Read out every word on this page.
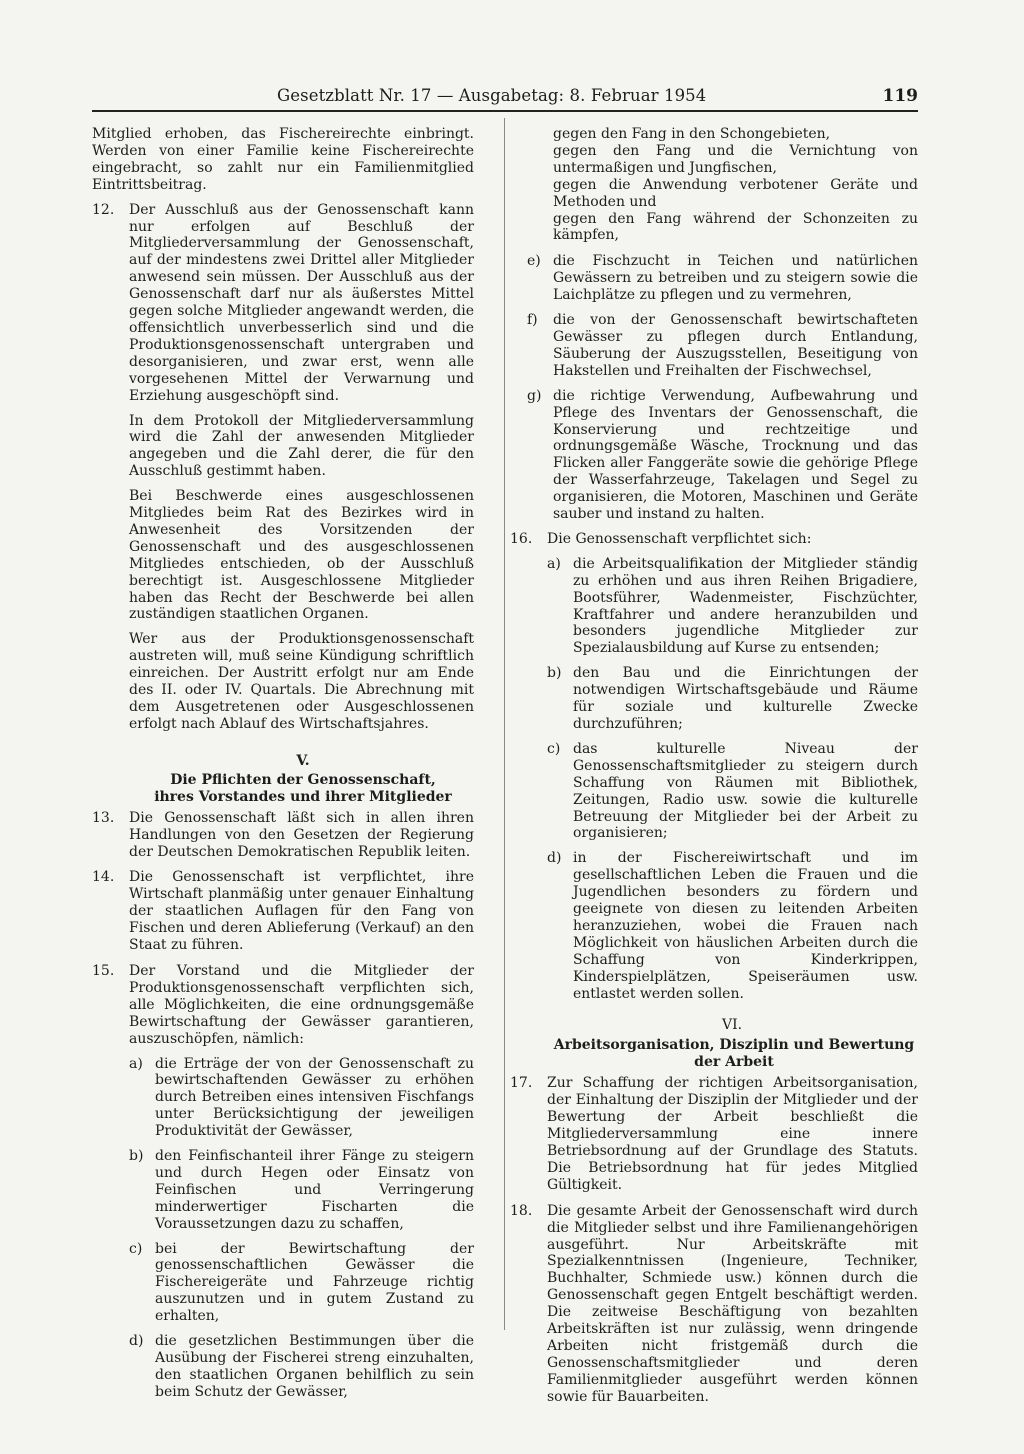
Gesetzblatt Nr. 17 — Ausgabetag: 8. Februar 1954	119

Mitglied erhoben, das Fischereirechte einbringt. Werden von einer Familie keine Fischereirechte eingebracht, so zahlt nur ein Familienmitglied Eintrittsbeitrag.

12. Der Ausschluß aus der Genossenschaft kann nur erfolgen auf Beschluß der Mitgliederversammlung der Genossenschaft, auf der mindestens zwei Drittel aller Mitglieder anwesend sein müssen. Der Ausschluß aus der Genossenschaft darf nur als äußerstes Mittel gegen solche Mitglieder angewandt werden, die offensichtlich unverbesserlich sind und die Produktionsgenossenschaft untergraben und desorganisieren, und zwar erst, wenn alle vorgesehenen Mittel der Verwarnung und Erziehung ausgeschöpft sind.

In dem Protokoll der Mitgliederversammlung wird die Zahl der anwesenden Mitglieder angegeben und die Zahl derer, die für den Ausschluß gestimmt haben.

Bei Beschwerde eines ausgeschlossenen Mitgliedes beim Rat des Bezirkes wird in Anwesenheit des Vorsitzenden der Genossenschaft und des ausgeschlossenen Mitgliedes entschieden, ob der Ausschluß berechtigt ist. Ausgeschlossene Mitglieder haben das Recht der Beschwerde bei allen zuständigen staatlichen Organen.

Wer aus der Produktionsgenossenschaft austreten will, muß seine Kündigung schriftlich einreichen. Der Austritt erfolgt nur am Ende des II. oder IV. Quartals. Die Abrechnung mit dem Ausgetretenen oder Ausgeschlossenen erfolgt nach Ablauf des Wirtschaftsjahres.

V.
Die Pflichten der Genossenschaft,
ihres Vorstandes und ihrer Mitglieder
13. Die Genossenschaft läßt sich in allen ihren Handlungen von den Gesetzen der Regierung der Deutschen Demokratischen Republik leiten.

14. Die Genossenschaft ist verpflichtet, ihre Wirtschaft planmäßig unter genauer Einhaltung der staatlichen Auflagen für den Fang von Fischen und deren Ablieferung (Verkauf) an den Staat zu führen.

15. Der Vorstand und die Mitglieder der Produktionsgenossenschaft verpflichten sich, alle Möglichkeiten, die eine ordnungsgemäße Bewirtschaftung der Gewässer garantieren, auszuschöpfen, nämlich:

a) die Erträge der von der Genossenschaft zu bewirtschaftenden Gewässer zu erhöhen durch Betreiben eines intensiven Fischfangs unter Berücksichtigung der jeweiligen Produktivität der Gewässer,
b) den Feinfischanteil ihrer Fänge zu steigern und durch Hegen oder Einsatz von Feinfischen und Verringerung minderwertiger Fischarten die Voraussetzungen dazu zu schaffen,
c) bei der Bewirtschaftung der genossenschaftlichen Gewässer die Fischereigeräte und Fahrzeuge richtig auszunutzen und in gutem Zustand zu erhalten,
d) die gesetzlichen Bestimmungen über die Ausübung der Fischerei streng einzuhalten, den staatlichen Organen behilflich zu sein beim Schutz der Gewässer,

gegen den Fang in den Schongebieten,

gegen den Fang und die Vernichtung von untermaßigen und Jungfischen,

gegen die Anwendung verbotener Geräte und Methoden und

gegen den Fang während der Schonzeiten zu kämpfen,

e) die Fischzucht in Teichen und natürlichen Gewässern zu betreiben und zu steigern sowie die Laichplätze zu pflegen und zu vermehren,
f) die von der Genossenschaft bewirtschafteten Gewässer zu pflegen durch Entlandung, Säuberung der Auszugsstellen, Beseitigung von Hakstellen und Freihalten der Fischwechsel,
g) die richtige Verwendung, Aufbewahrung und Pflege des Inventars der Genossenschaft, die Konservierung und rechtzeitige und ordnungsgemäße Wäsche, Trocknung und das Flicken aller Fanggeräte sowie die gehörige Pflege der Wasserfahrzeuge, Takelagen und Segel zu organisieren, die Motoren, Maschinen und Geräte sauber und instand zu halten.
16. Die Genossenschaft verpflichtet sich:

a) die Arbeitsqualifikation der Mitglieder ständig zu erhöhen und aus ihren Reihen Brigadiere, Bootsführer, Wadenmeister, Fischzüchter, Kraftfahrer und andere heranzubilden und besonders jugendliche Mitglieder zur Spezialausbildung auf Kurse zu entsenden;
b) den Bau und die Einrichtungen der notwendigen Wirtschaftsgebäude und Räume für soziale und kulturelle Zwecke durchzuführen;
c) das kulturelle Niveau der Genossenschaftsmitglieder zu steigern durch Schaffung von Räumen mit Bibliothek, Zeitungen, Radio usw. sowie die kulturelle Betreuung der Mitglieder bei der Arbeit zu organisieren;
d) in der Fischereiwirtschaft und im gesellschaftlichen Leben die Frauen und die Jugendlichen besonders zu fördern und geeignete von diesen zu leitenden Arbeiten heranzuziehen, wobei die Frauen nach Möglichkeit von häuslichen Arbeiten durch die Schaffung von Kinderkrippen, Kinderspielplätzen, Speiseräumen usw. entlastet werden sollen.
VI.
Arbeitsorganisation, Disziplin und Bewertung
der Arbeit
17. Zur Schaffung der richtigen Arbeitsorganisation, der Einhaltung der Disziplin der Mitglieder und der Bewertung der Arbeit beschließt die Mitgliederversammlung eine innere Betriebsordnung auf der Grundlage des Statuts. Die Betriebsordnung hat für jedes Mitglied Gültigkeit.

18. Die gesamte Arbeit der Genossenschaft wird durch die Mitglieder selbst und ihre Familienangehörigen ausgeführt. Nur Arbeitskräfte mit Spezialkenntnissen (Ingenieure, Techniker, Buchhalter, Schmiede usw.) können durch die Genossenschaft gegen Entgelt beschäftigt werden. Die zeitweise Beschäftigung von bezahlten Arbeitskräften ist nur zulässig, wenn dringende Arbeiten nicht fristgemäß durch die Genossenschaftsmitglieder und deren Familienmitglieder ausgeführt werden können sowie für Bauarbeiten.
